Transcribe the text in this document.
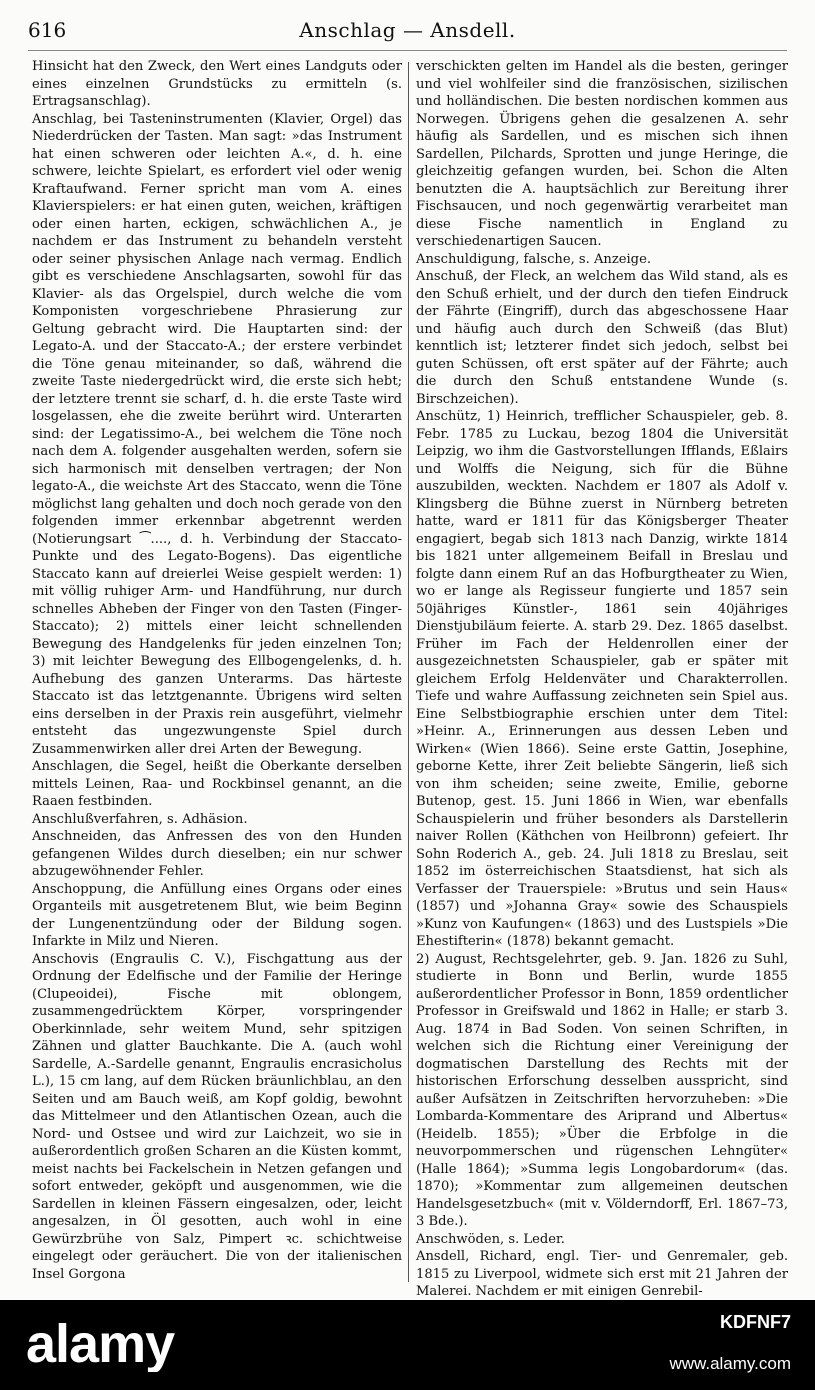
616	Anschlag — Ansdell.

Hinsicht hat den Zweck, den Wert eines Landguts oder eines einzelnen Grundstücks zu ermitteln (s. Ertragsanschlag).

Anschlag, bei Tasteninstrumenten (Klavier, Orgel) das Niederdrücken der Tasten. Man sagt: »das Instrument hat einen schweren oder leichten A.«, d. h. eine schwere, leichte Spielart, es erfordert viel oder wenig Kraftaufwand. Ferner spricht man vom A. eines Klavierspielers: er hat einen guten, weichen, kräftigen oder einen harten, eckigen, schwächlichen A., je nachdem er das Instrument zu behandeln versteht oder seiner physischen Anlage nach vermag. Endlich gibt es verschiedene Anschlagsarten, sowohl für das Klavier- als das Orgelspiel, durch welche die vom Komponisten vorgeschriebene Phrasierung zur Geltung gebracht wird. Die Hauptarten sind: der Legato-A. und der Staccato-A.; der erstere verbindet die Töne genau miteinander, so daß, während die zweite Taste niedergedrückt wird, die erste sich hebt; der letztere trennt sie scharf, d. h. die erste Taste wird losgelassen, ehe die zweite berührt wird. Unterarten sind: der Legatissimo-A., bei welchem die Töne noch nach dem A. folgender ausgehalten werden, sofern sie sich harmonisch mit denselben vertragen; der Non legato-A., die weichste Art des Staccato, wenn die Töne möglichst lang gehalten und doch noch gerade von den folgenden immer erkennbar abgetrennt werden (Notierungsart ⁀...., d. h. Verbindung der Staccato-Punkte und des Legato-Bogens). Das eigentliche Staccato kann auf dreierlei Weise gespielt werden: 1) mit völlig ruhiger Arm- und Handführung, nur durch schnelles Abheben der Finger von den Tasten (Finger-Staccato); 2) mittels einer leicht schnellenden Bewegung des Handgelenks für jeden einzelnen Ton; 3) mit leichter Bewegung des Ellbogengelenks, d. h. Aufhebung des ganzen Unterarms. Das härteste Staccato ist das letztgenannte. Übrigens wird selten eins derselben in der Praxis rein ausgeführt, vielmehr entsteht das ungezwungenste Spiel durch Zusammenwirken aller drei Arten der Bewegung.

Anschlagen, die Segel, heißt die Oberkante derselben mittels Leinen, Raa- und Rockbinsel genannt, an die Raaen festbinden.

Anschlußverfahren, s. Adhäsion.

Anschneiden, das Anfressen des von den Hunden gefangenen Wildes durch dieselben; ein nur schwer abzugewöhnender Fehler.

Anschoppung, die Anfüllung eines Organs oder eines Organteils mit ausgetretenem Blut, wie beim Beginn der Lungenentzündung oder der Bildung sogen. Infarkte in Milz und Nieren.

Anschovis (Engraulis C. V.), Fischgattung aus der Ordnung der Edelfische und der Familie der Heringe (Clupeoidei), Fische mit oblongem, zusammengedrücktem Körper, vorspringender Oberkinnlade, sehr weitem Mund, sehr spitzigen Zähnen und glatter Bauchkante. Die A. (auch wohl Sardelle, A.-Sardelle genannt, Engraulis encrasicholus L.), 15 cm lang, auf dem Rücken bräunlichblau, an den Seiten und am Bauch weiß, am Kopf goldig, bewohnt das Mittelmeer und den Atlantischen Ozean, auch die Nord- und Ostsee und wird zur Laichzeit, wo sie in außerordentlich großen Scharen an die Küsten kommt, meist nachts bei Fackelschein in Netzen gefangen und sofort entweder, geköpft und ausgenommen, wie die Sardellen in kleinen Fässern eingesalzen, oder, leicht angesalzen, in Öl gesotten, auch wohl in eine Gewürzbrühe von Salz, Pimpert ꝛc. schichtweise eingelegt oder geräuchert. Die von der italienischen Insel Gorgona

verschickten gelten im Handel als die besten, geringer und viel wohlfeiler sind die französischen, sizilischen und holländischen. Die besten nordischen kommen aus Norwegen. Übrigens gehen die gesalzenen A. sehr häufig als Sardellen, und es mischen sich ihnen Sardellen, Pilchards, Sprotten und junge Heringe, die gleichzeitig gefangen wurden, bei. Schon die Alten benutzten die A. hauptsächlich zur Bereitung ihrer Fischsaucen, und noch gegenwärtig verarbeitet man diese Fische namentlich in England zu verschiedenartigen Saucen.

Anschuldigung, falsche, s. Anzeige.

Anschuß, der Fleck, an welchem das Wild stand, als es den Schuß erhielt, und der durch den tiefen Eindruck der Fährte (Eingriff), durch das abgeschossene Haar und häufig auch durch den Schweiß (das Blut) kenntlich ist; letzterer findet sich jedoch, selbst bei guten Schüssen, oft erst später auf der Fährte; auch die durch den Schuß entstandene Wunde (s. Birschzeichen).

Anschütz, 1) Heinrich, trefflicher Schauspieler, geb. 8. Febr. 1785 zu Luckau, bezog 1804 die Universität Leipzig, wo ihm die Gastvorstellungen Ifflands, Eßlairs und Wolffs die Neigung, sich für die Bühne auszubilden, weckten. Nachdem er 1807 als Adolf v. Klingsberg die Bühne zuerst in Nürnberg betreten hatte, ward er 1811 für das Königsberger Theater engagiert, begab sich 1813 nach Danzig, wirkte 1814 bis 1821 unter allgemeinem Beifall in Breslau und folgte dann einem Ruf an das Hofburgtheater zu Wien, wo er lange als Regisseur fungierte und 1857 sein 50jähriges Künstler-, 1861 sein 40jähriges Dienstjubiläum feierte. A. starb 29. Dez. 1865 daselbst. Früher im Fach der Heldenrollen einer der ausgezeichnetsten Schauspieler, gab er später mit gleichem Erfolg Heldenväter und Charakterrollen. Tiefe und wahre Auffassung zeichneten sein Spiel aus. Eine Selbstbiographie erschien unter dem Titel: »Heinr. A., Erinnerungen aus dessen Leben und Wirken« (Wien 1866). Seine erste Gattin, Josephine, geborne Kette, ihrer Zeit beliebte Sängerin, ließ sich von ihm scheiden; seine zweite, Emilie, geborne Butenop, gest. 15. Juni 1866 in Wien, war ebenfalls Schauspielerin und früher besonders als Darstellerin naiver Rollen (Käthchen von Heilbronn) gefeiert. Ihr Sohn Roderich A., geb. 24. Juli 1818 zu Breslau, seit 1852 im österreichischen Staatsdienst, hat sich als Verfasser der Trauerspiele: »Brutus und sein Haus« (1857) und »Johanna Gray« sowie des Schauspiels »Kunz von Kaufungen« (1863) und des Lustspiels »Die Ehestifterin« (1878) bekannt gemacht.

2) August, Rechtsgelehrter, geb. 9. Jan. 1826 zu Suhl, studierte in Bonn und Berlin, wurde 1855 außerordentlicher Professor in Bonn, 1859 ordentlicher Professor in Greifswald und 1862 in Halle; er starb 3. Aug. 1874 in Bad Soden. Von seinen Schriften, in welchen sich die Richtung einer Vereinigung der dogmatischen Darstellung des Rechts mit der historischen Erforschung desselben ausspricht, sind außer Aufsätzen in Zeitschriften hervorzuheben: »Die Lombarda-Kommentare des Ariprand und Albertus« (Heidelb. 1855); »Über die Erbfolge in die neuvorpommerschen und rügenschen Lehngüter« (Halle 1864); »Summa legis Longobardorum« (das. 1870); »Kommentar zum allgemeinen deutschen Handelsgesetzbuch« (mit v. Völderndorff, Erl. 1867–73, 3 Bde.).

Anschwöden, s. Leder.

Ansdell, Richard, engl. Tier- und Genremaler, geb. 1815 zu Liverpool, widmete sich erst mit 21 Jahren der Malerei. Nachdem er mit einigen Genrebil-

alamy	KDFNF7
www.alamy.com
